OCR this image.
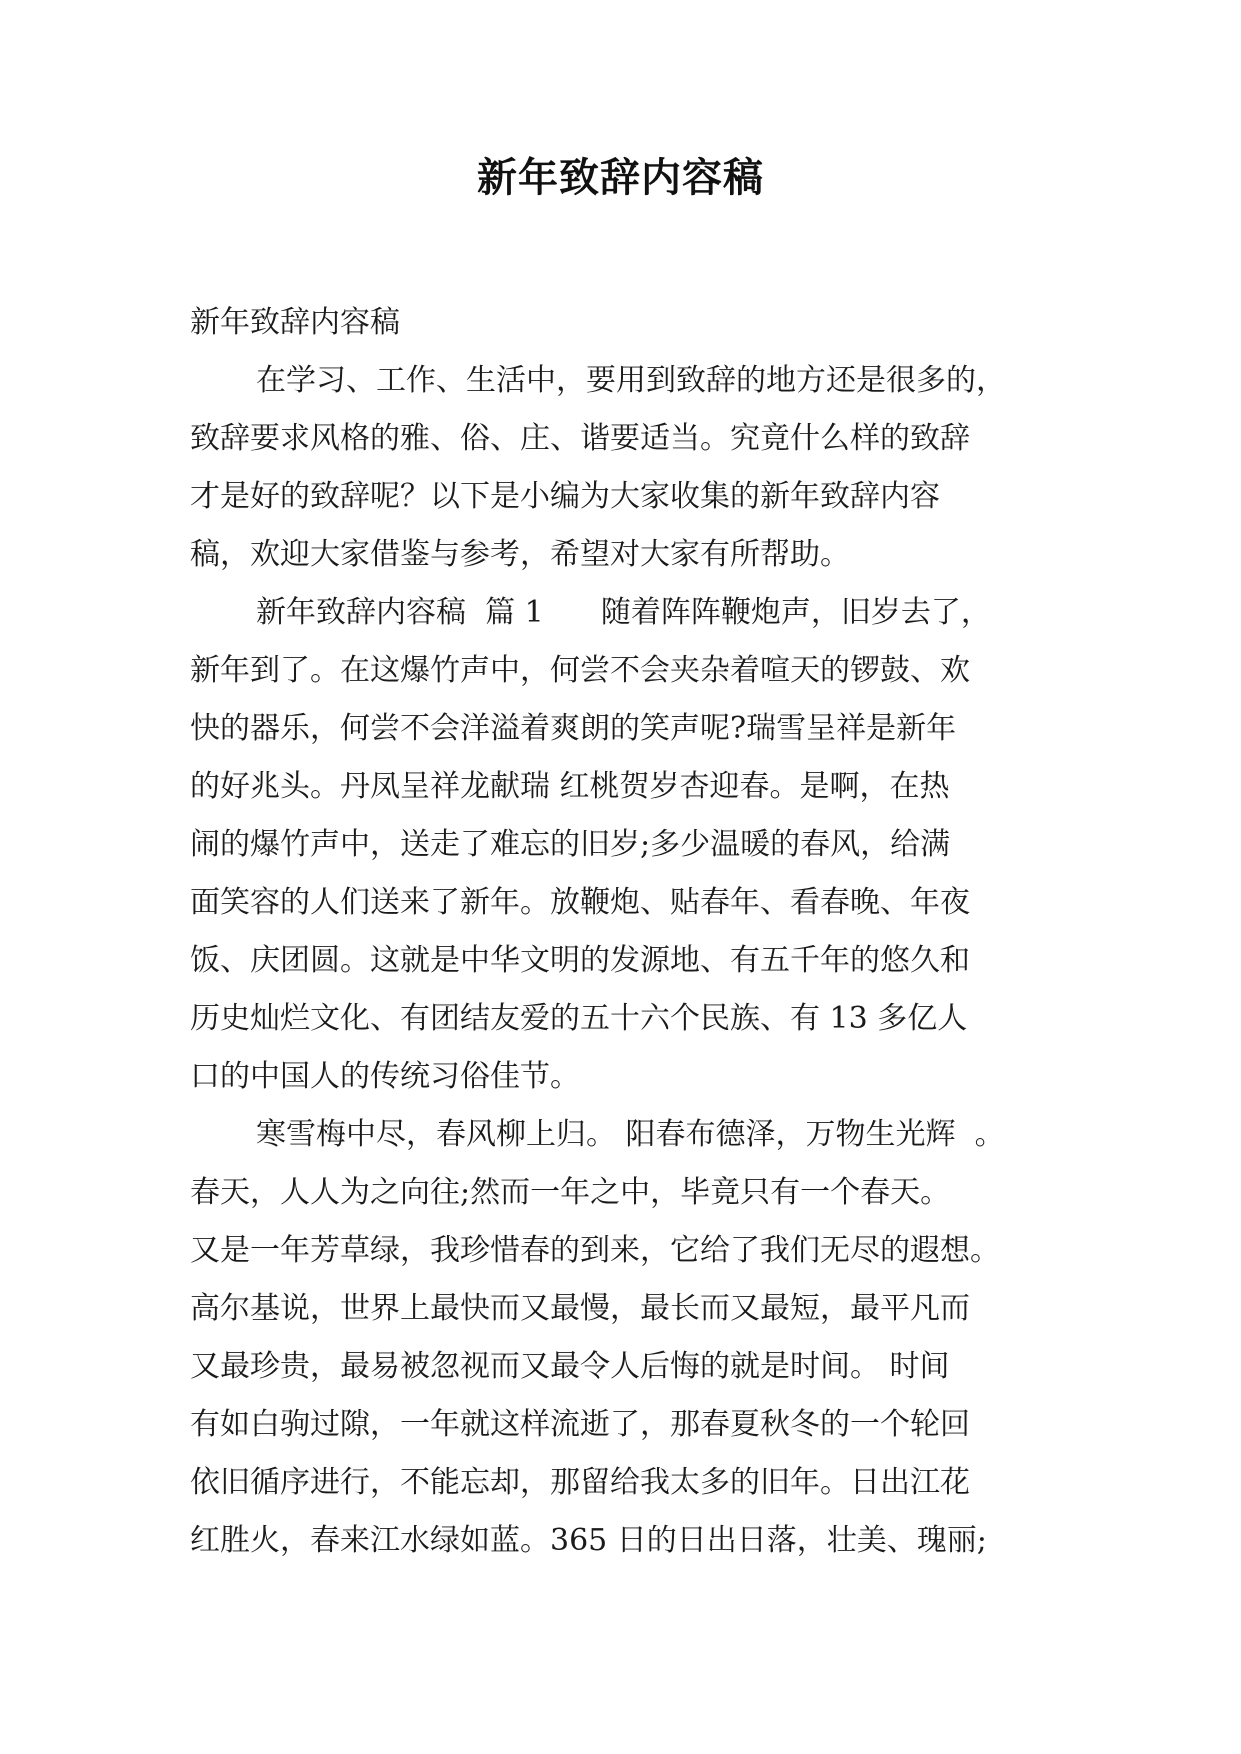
新年致辞内容稿
新年致辞内容稿
在学习、工作、生活中，要用到致辞的地方还是很多的，
致辞要求风格的雅、俗、庄、谐要适当。究竟什么样的致辞
才是好的致辞呢？以下是小编为大家收集的新年致辞内容
稿，欢迎大家借鉴与参考，希望对大家有所帮助。
新年致辞内容稿  篇 1      随着阵阵鞭炮声，旧岁去了，
新年到了。在这爆竹声中，何尝不会夹杂着喧天的锣鼓、欢
快的器乐，何尝不会洋溢着爽朗的笑声呢?瑞雪呈祥是新年
的好兆头。丹凤呈祥龙献瑞 红桃贺岁杏迎春。是啊，在热
闹的爆竹声中，送走了难忘的旧岁;多少温暖的春风，给满
面笑容的人们送来了新年。放鞭炮、贴春年、看春晚、年夜
饭、庆团圆。这就是中华文明的发源地、有五千年的悠久和
历史灿烂文化、有团结友爱的五十六个民族、有 13 多亿人
口的中国人的传统习俗佳节。
寒雪梅中尽，春风柳上归。 阳春布德泽，万物生光辉  。
春天，人人为之向往;然而一年之中，毕竟只有一个春天。
又是一年芳草绿，我珍惜春的到来，它给了我们无尽的遐想。
高尔基说，世界上最快而又最慢，最长而又最短，最平凡而
又最珍贵，最易被忽视而又最令人后悔的就是时间。 时间
有如白驹过隙，一年就这样流逝了，那春夏秋冬的一个轮回
依旧循序进行，不能忘却，那留给我太多的旧年。日出江花
红胜火，春来江水绿如蓝。365 日的日出日落，壮美、瑰丽;
